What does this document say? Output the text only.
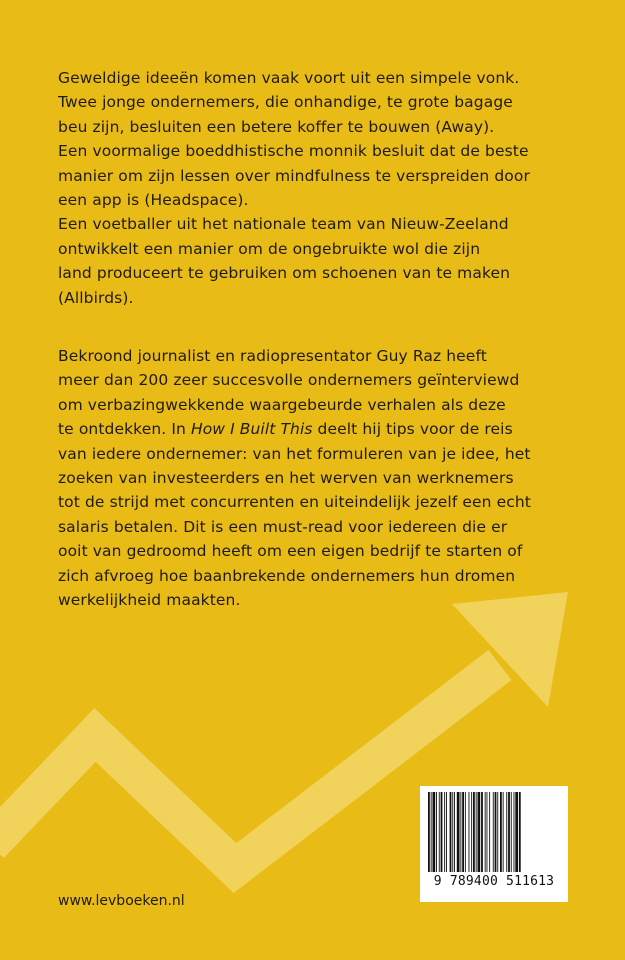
Geweldige ideeën komen vaak voort uit een simpele vonk.
Twee jonge ondernemers, die onhandige, te grote bagage
beu zijn, besluiten een betere koffer te bouwen (Away).
Een voormalige boeddhistische monnik besluit dat de beste
manier om zijn lessen over mindfulness te verspreiden door
een app is (Headspace).
Een voetballer uit het nationale team van Nieuw-Zeeland
ontwikkelt een manier om de ongebruikte wol die zijn
land produceert te gebruiken om schoenen van te maken
(Allbirds).

Bekroond journalist en radiopresentator Guy Raz heeft
meer dan 200 zeer succesvolle ondernemers geïnterviewd
om verbazingwekkende waargebeurde verhalen als deze
te ontdekken. In How I Built This deelt hij tips voor de reis
van iedere ondernemer: van het formuleren van je idee, het
zoeken van investeerders en het werven van werknemers
tot de strijd met concurrenten en uiteindelijk jezelf een echt
salaris betalen. Dit is een must-read voor iedereen die er
ooit van gedroomd heeft om een eigen bedrijf te starten of
zich afvroeg hoe baanbrekende ondernemers hun dromen
werkelijkheid maakten.

9 789400 511613
www.levboeken.nl
